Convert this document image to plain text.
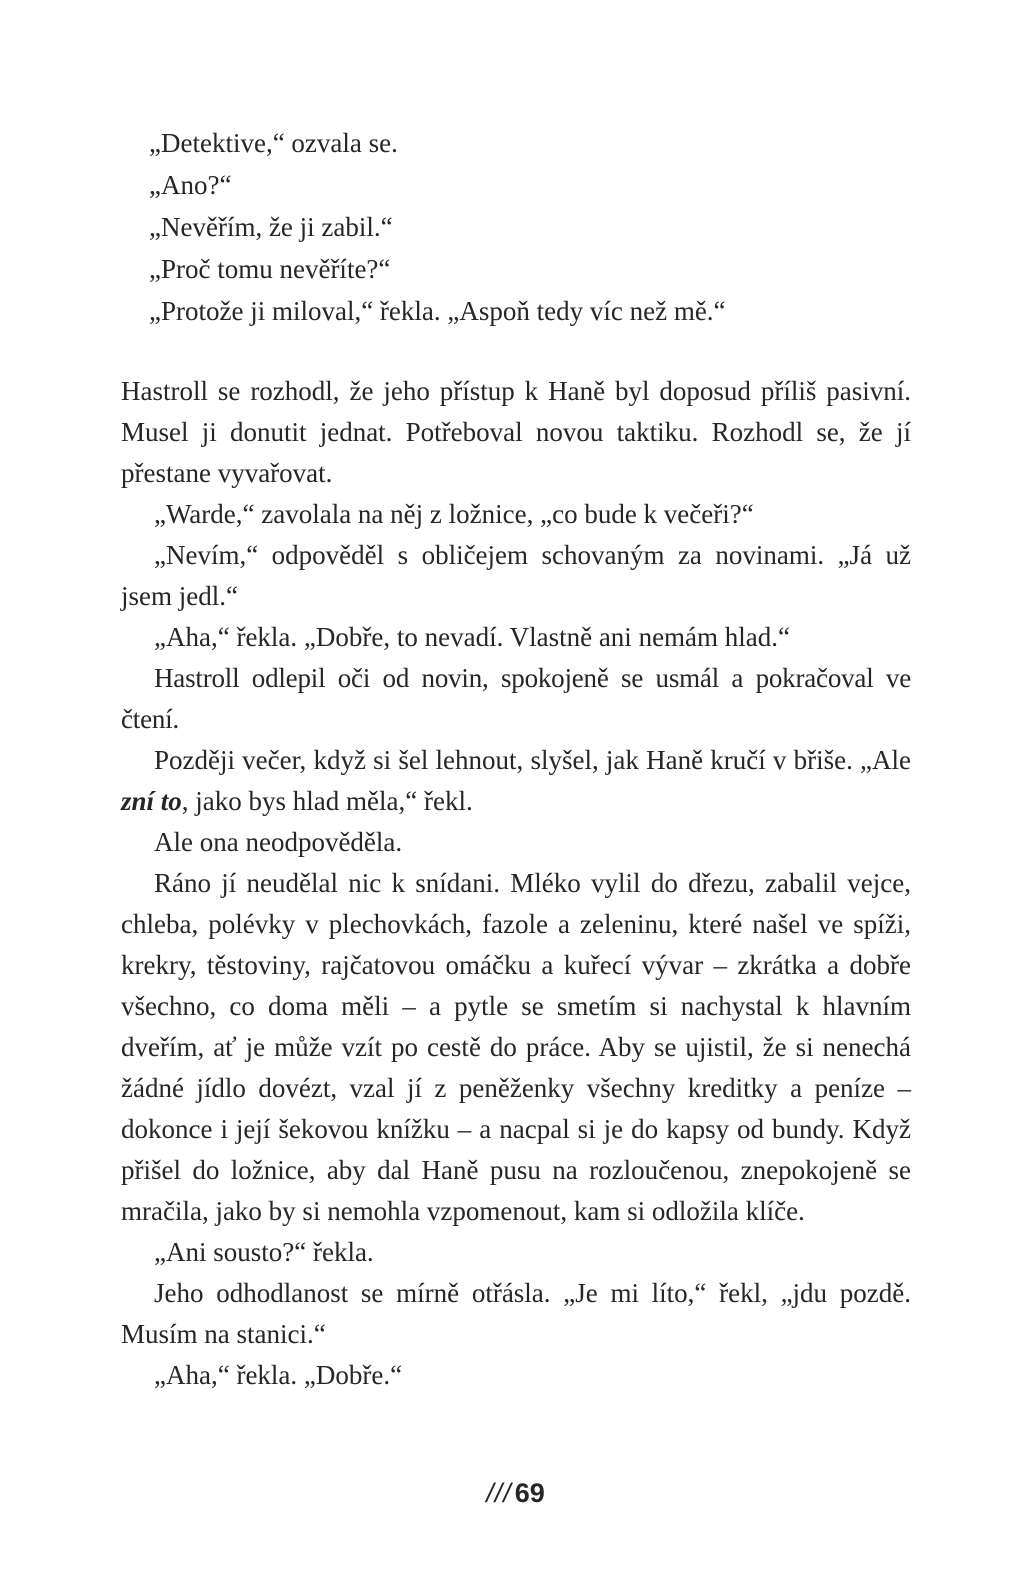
„Detektive,“ ozvala se.
„Ano?“
„Nevěřím, že ji zabil.“
„Proč tomu nevěříte?“
„Protože ji miloval,“ řekla. „Aspoň tedy víc než mě.“

Hastroll se rozhodl, že jeho přístup k Haně byl doposud příliš pasivní. Musel ji donutit jednat. Potřeboval novou taktiku. Rozhodl se, že jí přestane vyvařovat.

„Warde,“ zavolala na něj z ložnice, „co bude k večeři?“

„Nevím,“ odpověděl s obličejem schovaným za novinami. „Já už jsem jedl.“

„Aha,“ řekla. „Dobře, to nevadí. Vlastně ani nemám hlad.“

Hastroll odlepil oči od novin, spokojeně se usmál a pokračoval ve čtení.

Později večer, když si šel lehnout, slyšel, jak Haně kručí v břiše. „Ale zní to, jako bys hlad měla,“ řekl.

Ale ona neodpověděla.

Ráno jí neudělal nic k snídani. Mléko vylil do dřezu, zabalil vejce, chleba, polévky v plechovkách, fazole a zeleninu, které našel ve spíži, krekry, těstoviny, rajčatovou omáčku a kuřecí vývar – zkrátka a dobře všechno, co doma měli – a pytle se smetím si nachystal k hlavním dveřím, ať je může vzít po cestě do práce. Aby se ujistil, že si nenechá žádné jídlo dovézt, vzal jí z peněženky všechny kreditky a peníze – dokonce i její šekovou knížku – a nacpal si je do kapsy od bundy. Když přišel do ložnice, aby dal Haně pusu na rozloučenou, znepokojeně se mračila, jako by si nemohla vzpomenout, kam si odložila klíče.

„Ani sousto?“ řekla.

Jeho odhodlanost se mírně otřásla. „Je mi líto,“ řekl, „jdu pozdě. Musím na stanici.“

„Aha,“ řekla. „Dobře.“

/// 69
